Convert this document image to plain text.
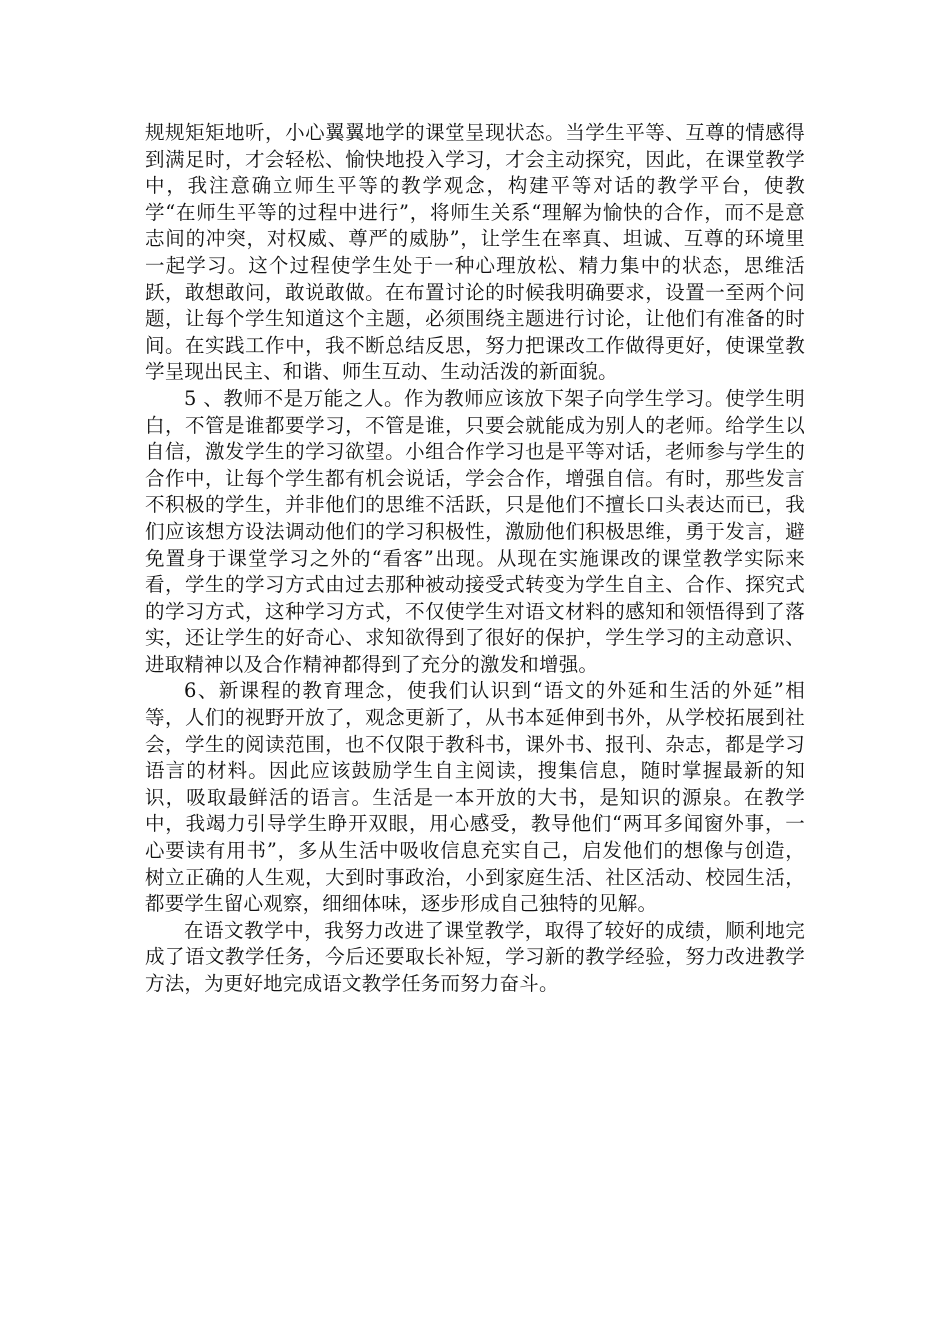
规规矩矩地听，小心翼翼地学的课堂呈现状态。当学生平等、互尊的情感得到满足时，才会轻松、愉快地投入学习，才会主动探究，因此，在课堂教学中，我注意确立师生平等的教学观念，构建平等对话的教学平台，使教学“在师生平等的过程中进行”，将师生关系“理解为愉快的合作，而不是意志间的冲突，对权威、尊严的威胁”，让学生在率真、坦诚、互尊的环境里一起学习。这个过程使学生处于一种心理放松、精力集中的状态，思维活跃，敢想敢问，敢说敢做。在布置讨论的时候我明确要求，设置一至两个问题，让每个学生知道这个主题，必须围绕主题进行讨论，让他们有准备的时间。在实践工作中，我不断总结反思，努力把课改工作做得更好，使课堂教学呈现出民主、和谐、师生互动、生动活泼的新面貌。

5 、教师不是万能之人。作为教师应该放下架子向学生学习。使学生明白，不管是谁都要学习，不管是谁，只要会就能成为别人的老师。给学生以自信，激发学生的学习欲望。小组合作学习也是平等对话，老师参与学生的合作中，让每个学生都有机会说话，学会合作，增强自信。有时，那些发言不积极的学生，并非他们的思维不活跃，只是他们不擅长口头表达而已，我们应该想方设法调动他们的学习积极性，激励他们积极思维，勇于发言，避免置身于课堂学习之外的“看客”出现。从现在实施课改的课堂教学实际来看，学生的学习方式由过去那种被动接受式转变为学生自主、合作、探究式的学习方式，这种学习方式，不仅使学生对语文材料的感知和领悟得到了落实，还让学生的好奇心、求知欲得到了很好的保护，学生学习的主动意识、进取精神以及合作精神都得到了充分的激发和增强。

6、新课程的教育理念，使我们认识到“语文的外延和生活的外延”相等，人们的视野开放了，观念更新了，从书本延伸到书外，从学校拓展到社会，学生的阅读范围，也不仅限于教科书，课外书、报刊、杂志，都是学习语言的材料。因此应该鼓励学生自主阅读，搜集信息，随时掌握最新的知识，吸取最鲜活的语言。生活是一本开放的大书，是知识的源泉。在教学中，我竭力引导学生睁开双眼，用心感受，教导他们“两耳多闻窗外事，一心要读有用书”，多从生活中吸收信息充实自己，启发他们的想像与创造，树立正确的人生观，大到时事政治，小到家庭生活、社区活动、校园生活，都要学生留心观察，细细体味，逐步形成自己独特的见解。

在语文教学中，我努力改进了课堂教学，取得了较好的成绩，顺利地完成了语文教学任务，今后还要取长补短，学习新的教学经验，努力改进教学方法，为更好地完成语文教学任务而努力奋斗。
